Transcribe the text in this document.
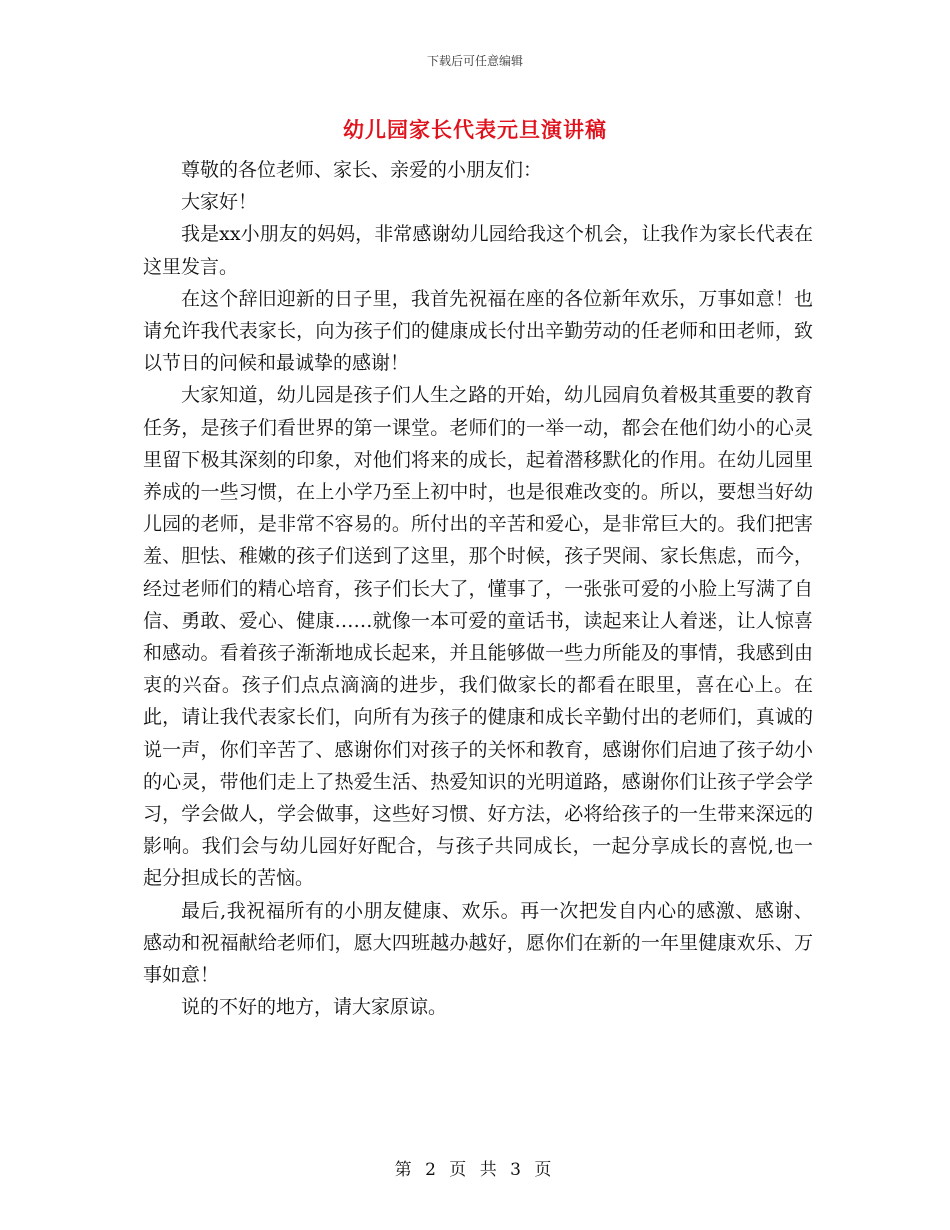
下载后可任意编辑
幼儿园家长代表元旦演讲稿

尊敬的各位老师、家长、亲爱的小朋友们：

大家好！

我是xx小朋友的妈妈，非常感谢幼儿园给我这个机会，让我作为家长代表在这里发言。

在这个辞旧迎新的日子里，我首先祝福在座的各位新年欢乐，万事如意！也请允许我代表家长，向为孩子们的健康成长付出辛勤劳动的任老师和田老师，致以节日的问候和最诚挚的感谢！

大家知道，幼儿园是孩子们人生之路的开始，幼儿园肩负着极其重要的教育任务，是孩子们看世界的第一课堂。老师们的一举一动，都会在他们幼小的心灵里留下极其深刻的印象，对他们将来的成长，起着潜移默化的作用。在幼儿园里养成的一些习惯，在上小学乃至上初中时，也是很难改变的。所以，要想当好幼儿园的老师，是非常不容易的。所付出的辛苦和爱心，是非常巨大的。我们把害羞、胆怯、稚嫩的孩子们送到了这里，那个时候，孩子哭闹、家长焦虑，而今，经过老师们的精心培育，孩子们长大了，懂事了，一张张可爱的小脸上写满了自信、勇敢、爱心、健康……就像一本可爱的童话书，读起来让人着迷，让人惊喜和感动。看着孩子渐渐地成长起来，并且能够做一些力所能及的事情，我感到由衷的兴奋。孩子们点点滴滴的进步，我们做家长的都看在眼里，喜在心上。在此，请让我代表家长们，向所有为孩子的健康和成长辛勤付出的老师们，真诚的说一声，你们辛苦了、感谢你们对孩子的关怀和教育，感谢你们启迪了孩子幼小的心灵，带他们走上了热爱生活、热爱知识的光明道路，感谢你们让孩子学会学习，学会做人，学会做事，这些好习惯、好方法，必将给孩子的一生带来深远的影响。我们会与幼儿园好好配合，与孩子共同成长，一起分享成长的喜悦,也一起分担成长的苦恼。

最后,我祝福所有的小朋友健康、欢乐。再一次把发自内心的感激、感谢、感动和祝福献给老师们，愿大四班越办越好，愿你们在新的一年里健康欢乐、万事如意！

说的不好的地方，请大家原谅。

第 2 页 共 3 页
